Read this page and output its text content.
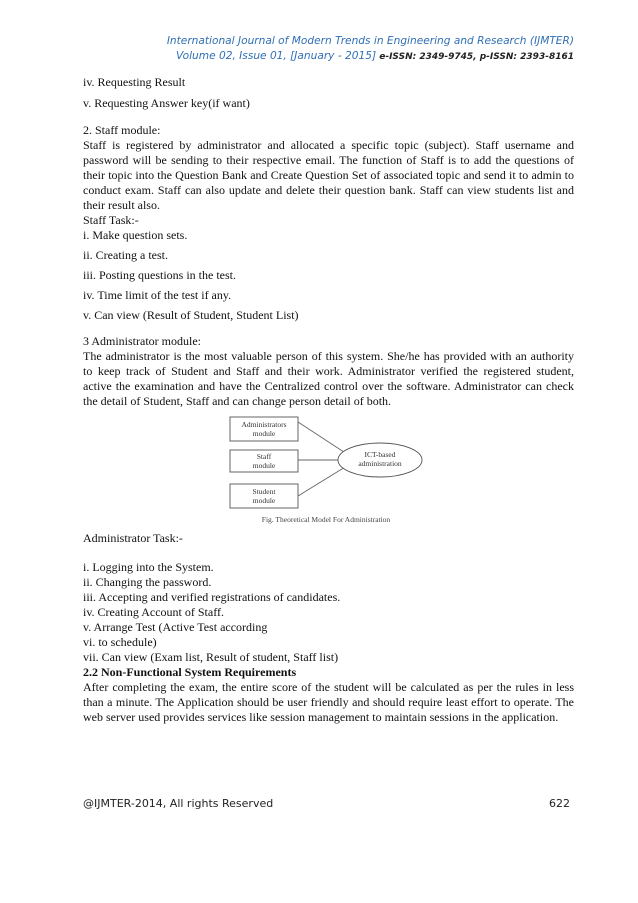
International Journal of Modern Trends in Engineering and Research (IJMTER)
Volume 02, Issue 01, [January - 2015] e-ISSN: 2349-9745, p-ISSN: 2393-8161
iv. Requesting Result
v. Requesting Answer key(if want)
2. Staff module:
Staff is registered by administrator and allocated a specific topic (subject). Staff username and
password will be sending to their respective email. The function of Staff is to add the questions of
their topic into the Question Bank and Create Question Set of associated topic and send it to admin to
conduct exam. Staff can also update and delete their question bank. Staff can view students list and
their result also.
Staff Task:-
i. Make question sets.
ii. Creating a test.
iii. Posting questions in the test.
iv. Time limit of the test if any.
v. Can view (Result of Student, Student List)
3 Administrator module:
The administrator is the most valuable person of this system. She/he has provided with an authority
to keep track of Student and Staff and their work. Administrator verified the registered student,
active the examination and have the Centralized control over the software. Administrator can check
the detail of Student, Staff and can change person detail of both.
Administrators
module
Staff
module
Student
module
ICT-based
administration
Fig. Theoretical Model For Administration
Administrator Task:-
i. Logging into the System.
ii. Changing the password.
iii. Accepting and verified registrations of candidates.
iv. Creating Account of Staff.
v. Arrange Test (Active Test according
vi. to schedule)
vii. Can view (Exam list, Result of student, Staff list)
2.2 Non-Functional System Requirements
After completing the exam, the entire score of the student will be calculated as per the rules in less
than a minute. The Application should be user friendly and should require least effort to operate. The
web server used provides services like session management to maintain sessions in the application.
@IJMTER-2014, All rights Reserved	622
